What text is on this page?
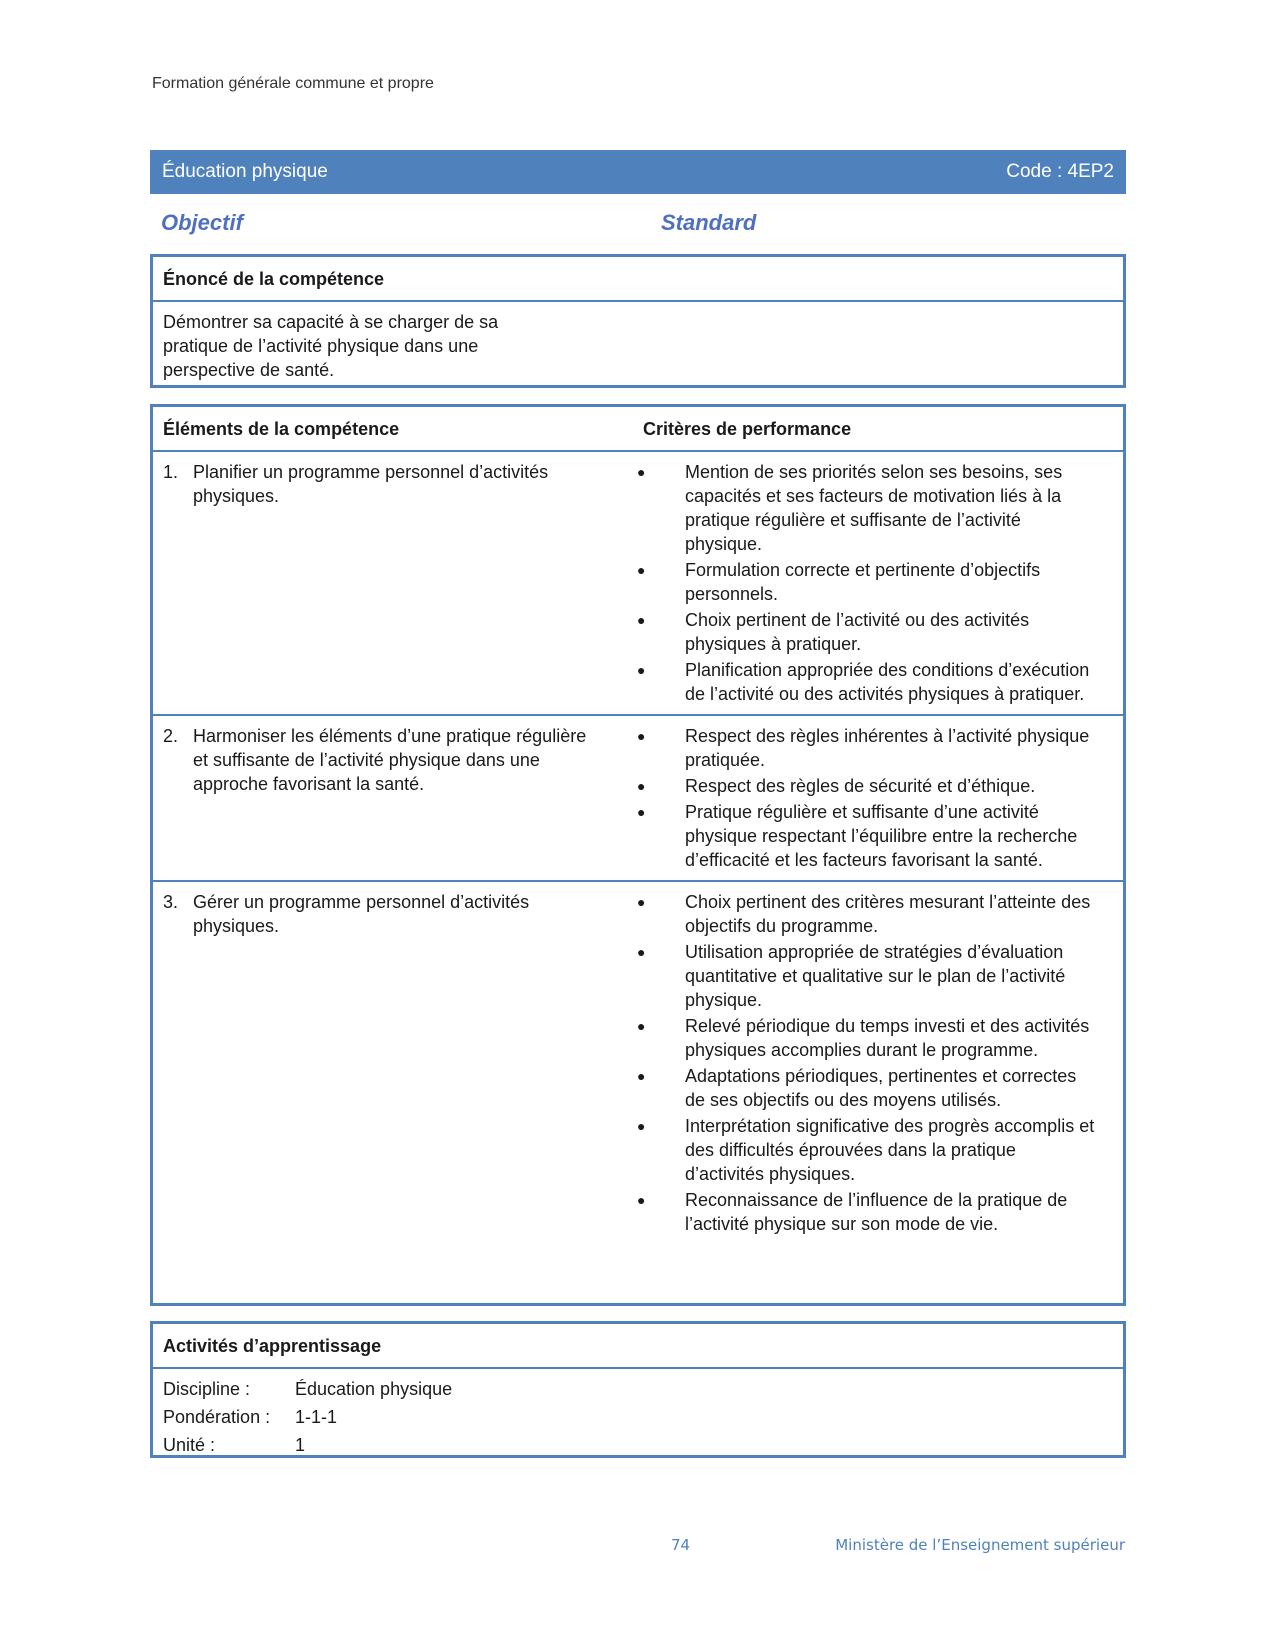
Formation générale commune et propre
Éducation physique	Code : 4EP2
Objectif	Standard
Énoncé de la compétence
Démontrer sa capacité à se charger de sa pratique de l’activité physique dans une perspective de santé.
Éléments de la compétence	Critères de performance
1. Planifier un programme personnel d’activités physiques.
●	Mention de ses priorités selon ses besoins, ses capacités et ses facteurs de motivation liés à la pratique régulière et suffisante de l’activité physique.
●	Formulation correcte et pertinente d’objectifs personnels.
●	Choix pertinent de l’activité ou des activités physiques à pratiquer.
●	Planification appropriée des conditions d’exécution de l’activité ou des activités physiques à pratiquer.
2. Harmoniser les éléments d’une pratique régulière et suffisante de l’activité physique dans une approche favorisant la santé.
●	Respect des règles inhérentes à l’activité physique pratiquée.
●	Respect des règles de sécurité et d’éthique.
●	Pratique régulière et suffisante d’une activité physique respectant l’équilibre entre la recherche d’efficacité et les facteurs favorisant la santé.
3. Gérer un programme personnel d’activités physiques.
●	Choix pertinent des critères mesurant l’atteinte des objectifs du programme.
●	Utilisation appropriée de stratégies d’évaluation quantitative et qualitative sur le plan de l’activité physique.
●	Relevé périodique du temps investi et des activités physiques accomplies durant le programme.
●	Adaptations périodiques, pertinentes et correctes de ses objectifs ou des moyens utilisés.
●	Interprétation significative des progrès accomplis et des difficultés éprouvées dans la pratique d’activités physiques.
●	Reconnaissance de l’influence de la pratique de l’activité physique sur son mode de vie.
Activités d’apprentissage
Discipline :	Éducation physique
Pondération :	1-1-1
Unité :	1
74	Ministère de l’Enseignement supérieur
